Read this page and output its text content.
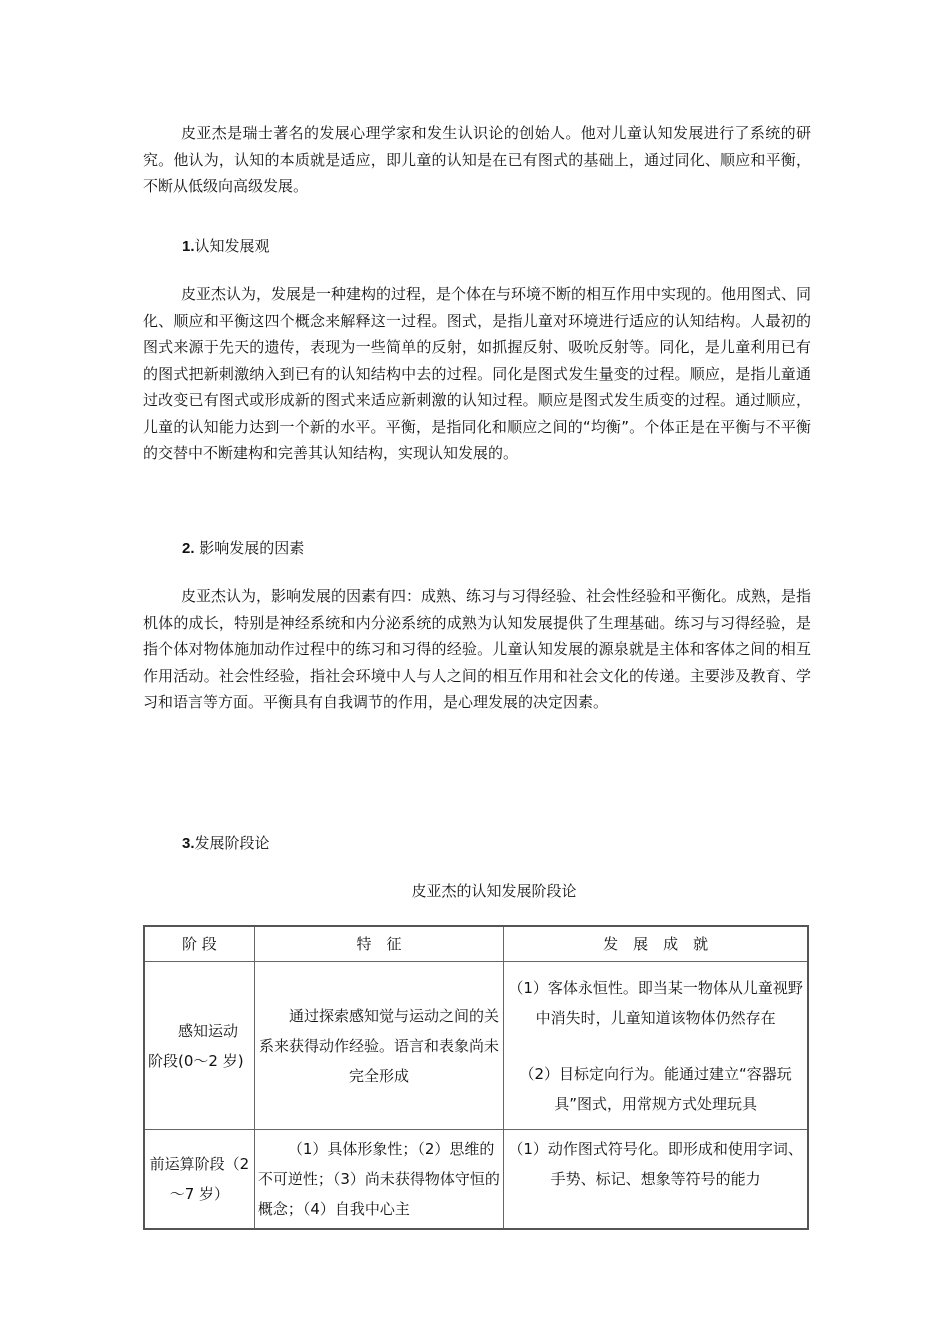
皮亚杰是瑞士著名的发展心理学家和发生认识论的创始人。他对儿童认知发展进行了系统的研究。他认为，认知的本质就是适应，即儿童的认知是在已有图式的基础上，通过同化、顺应和平衡，不断从低级向高级发展。

1.认知发展观

皮亚杰认为，发展是一种建构的过程，是个体在与环境不断的相互作用中实现的。他用图式、同化、顺应和平衡这四个概念来解释这一过程。图式，是指儿童对环境进行适应的认知结构。人最初的图式来源于先天的遗传，表现为一些简单的反射，如抓握反射、吸吮反射等。同化，是儿童利用已有的图式把新刺激纳入到已有的认知结构中去的过程。同化是图式发生量变的过程。顺应，是指儿童通过改变已有图式或形成新的图式来适应新刺激的认知过程。顺应是图式发生质变的过程。通过顺应，儿童的认知能力达到一个新的水平。平衡，是指同化和顺应之间的“均衡”。个体正是在平衡与不平衡的交替中不断建构和完善其认知结构，实现认知发展的。

2. 影响发展的因素

皮亚杰认为，影响发展的因素有四：成熟、练习与习得经验、社会性经验和平衡化。成熟，是指机体的成长，特别是神经系统和内分泌系统的成熟为认知发展提供了生理基础。练习与习得经验，是指个体对物体施加动作过程中的练习和习得的经验。儿童认知发展的源泉就是主体和客体之间的相互作用活动。社会性经验，指社会环境中人与人之间的相互作用和社会文化的传递。主要涉及教育、学习和语言等方面。平衡具有自我调节的作用，是心理发展的决定因素。

3.发展阶段论

皮亚杰的认知发展阶段论

阶 段	特　征	发　展　成　就
感知运动阶段(0～2 岁)	通过探索感知觉与运动之间的关系来获得动作经验。语言和表象尚未完全形成	（1）客体永恒性。即当某一物体从儿童视野中消失时，儿童知道该物体仍然存在
（2）目标定向行为。能通过建立“容器玩具”图式，用常规方式处理玩具

前运算阶段（2～7 岁）	（1）具体形象性；（2）思维的不可逆性；（3）尚未获得物体守恒的概念；（4）自我中心主	（1）动作图式符号化。即形成和使用字词、手势、标记、想象等符号的能力
